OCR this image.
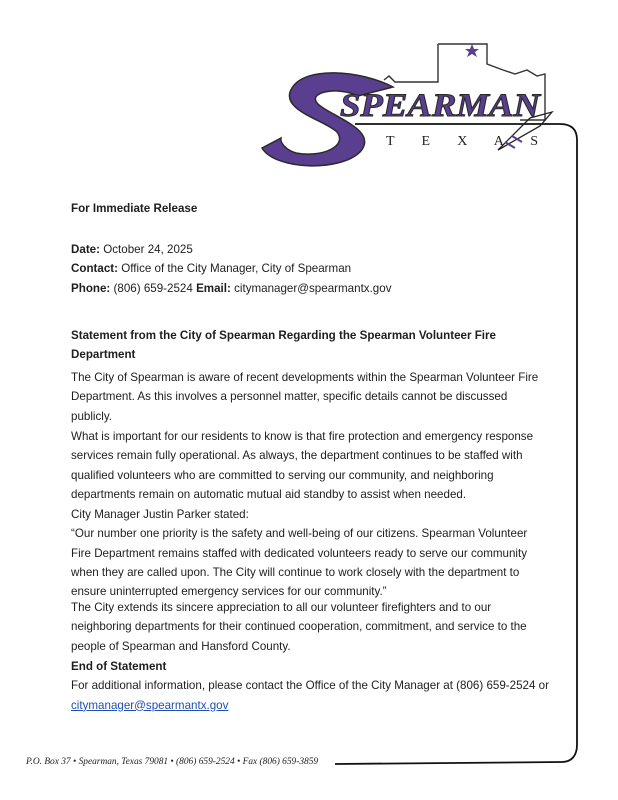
SPEARMAN
T E X A S

For Immediate Release

Date: October 24, 2025

Contact: Office of the City Manager, City of Spearman

Phone: (806) 659-2524 Email: citymanager@spearmantx.gov

Statement from the City of Spearman Regarding the Spearman Volunteer Fire Department

The City of Spearman is aware of recent developments within the Spearman Volunteer Fire Department. As this involves a personnel matter, specific details cannot be discussed publicly.

What is important for our residents to know is that fire protection and emergency response services remain fully operational. As always, the department continues to be staffed with qualified volunteers who are committed to serving our community, and neighboring departments remain on automatic mutual aid standby to assist when needed.

City Manager Justin Parker stated:

“Our number one priority is the safety and well-being of our citizens. Spearman Volunteer Fire Department remains staffed with dedicated volunteers ready to serve our community when they are called upon. The City will continue to work closely with the department to ensure uninterrupted emergency services for our community.”

The City extends its sincere appreciation to all our volunteer firefighters and to our neighboring departments for their continued cooperation, commitment, and service to the people of Spearman and Hansford County.

End of Statement

For additional information, please contact the Office of the City Manager at (806) 659-2524 or citymanager@spearmantx.gov

P.O. Box 37 • Spearman, Texas 79081 • (806) 659-2524 • Fax (806) 659-3859
